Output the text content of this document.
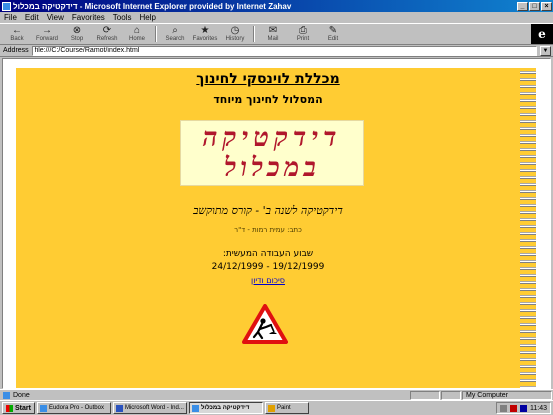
דידקטיקה במכלול - Microsoft Internet Explorer provided by Internet Zahav	_	□	×
File Edit View Favorites Tools Help
←
Back
→
Forward
⊗
Stop
⟳
Refresh
⌂
Home
⌕
Search
★
Favorites
◷
History
✉
Mail
⎙
Print
✎
Edit	e
Address file:///C:/Course/Ramot/index.html	▼
מכללת לוינסקי לחינוך
המסלול לחינוך מיוחד
דידקטיקה
במכלול
דידקטיקה לשנה ב' - קורס מתוקשב
כתב: עמית רמות - ד"ר
שבוע העבודה המעשית:
24/12/1999 - 19/12/1999
סיכום ודיון
Done	My Computer
Start	Eudora Pro - Outbox	Microsoft Word - Ind...	דידקטיקה במכלול	Paint	11:43
